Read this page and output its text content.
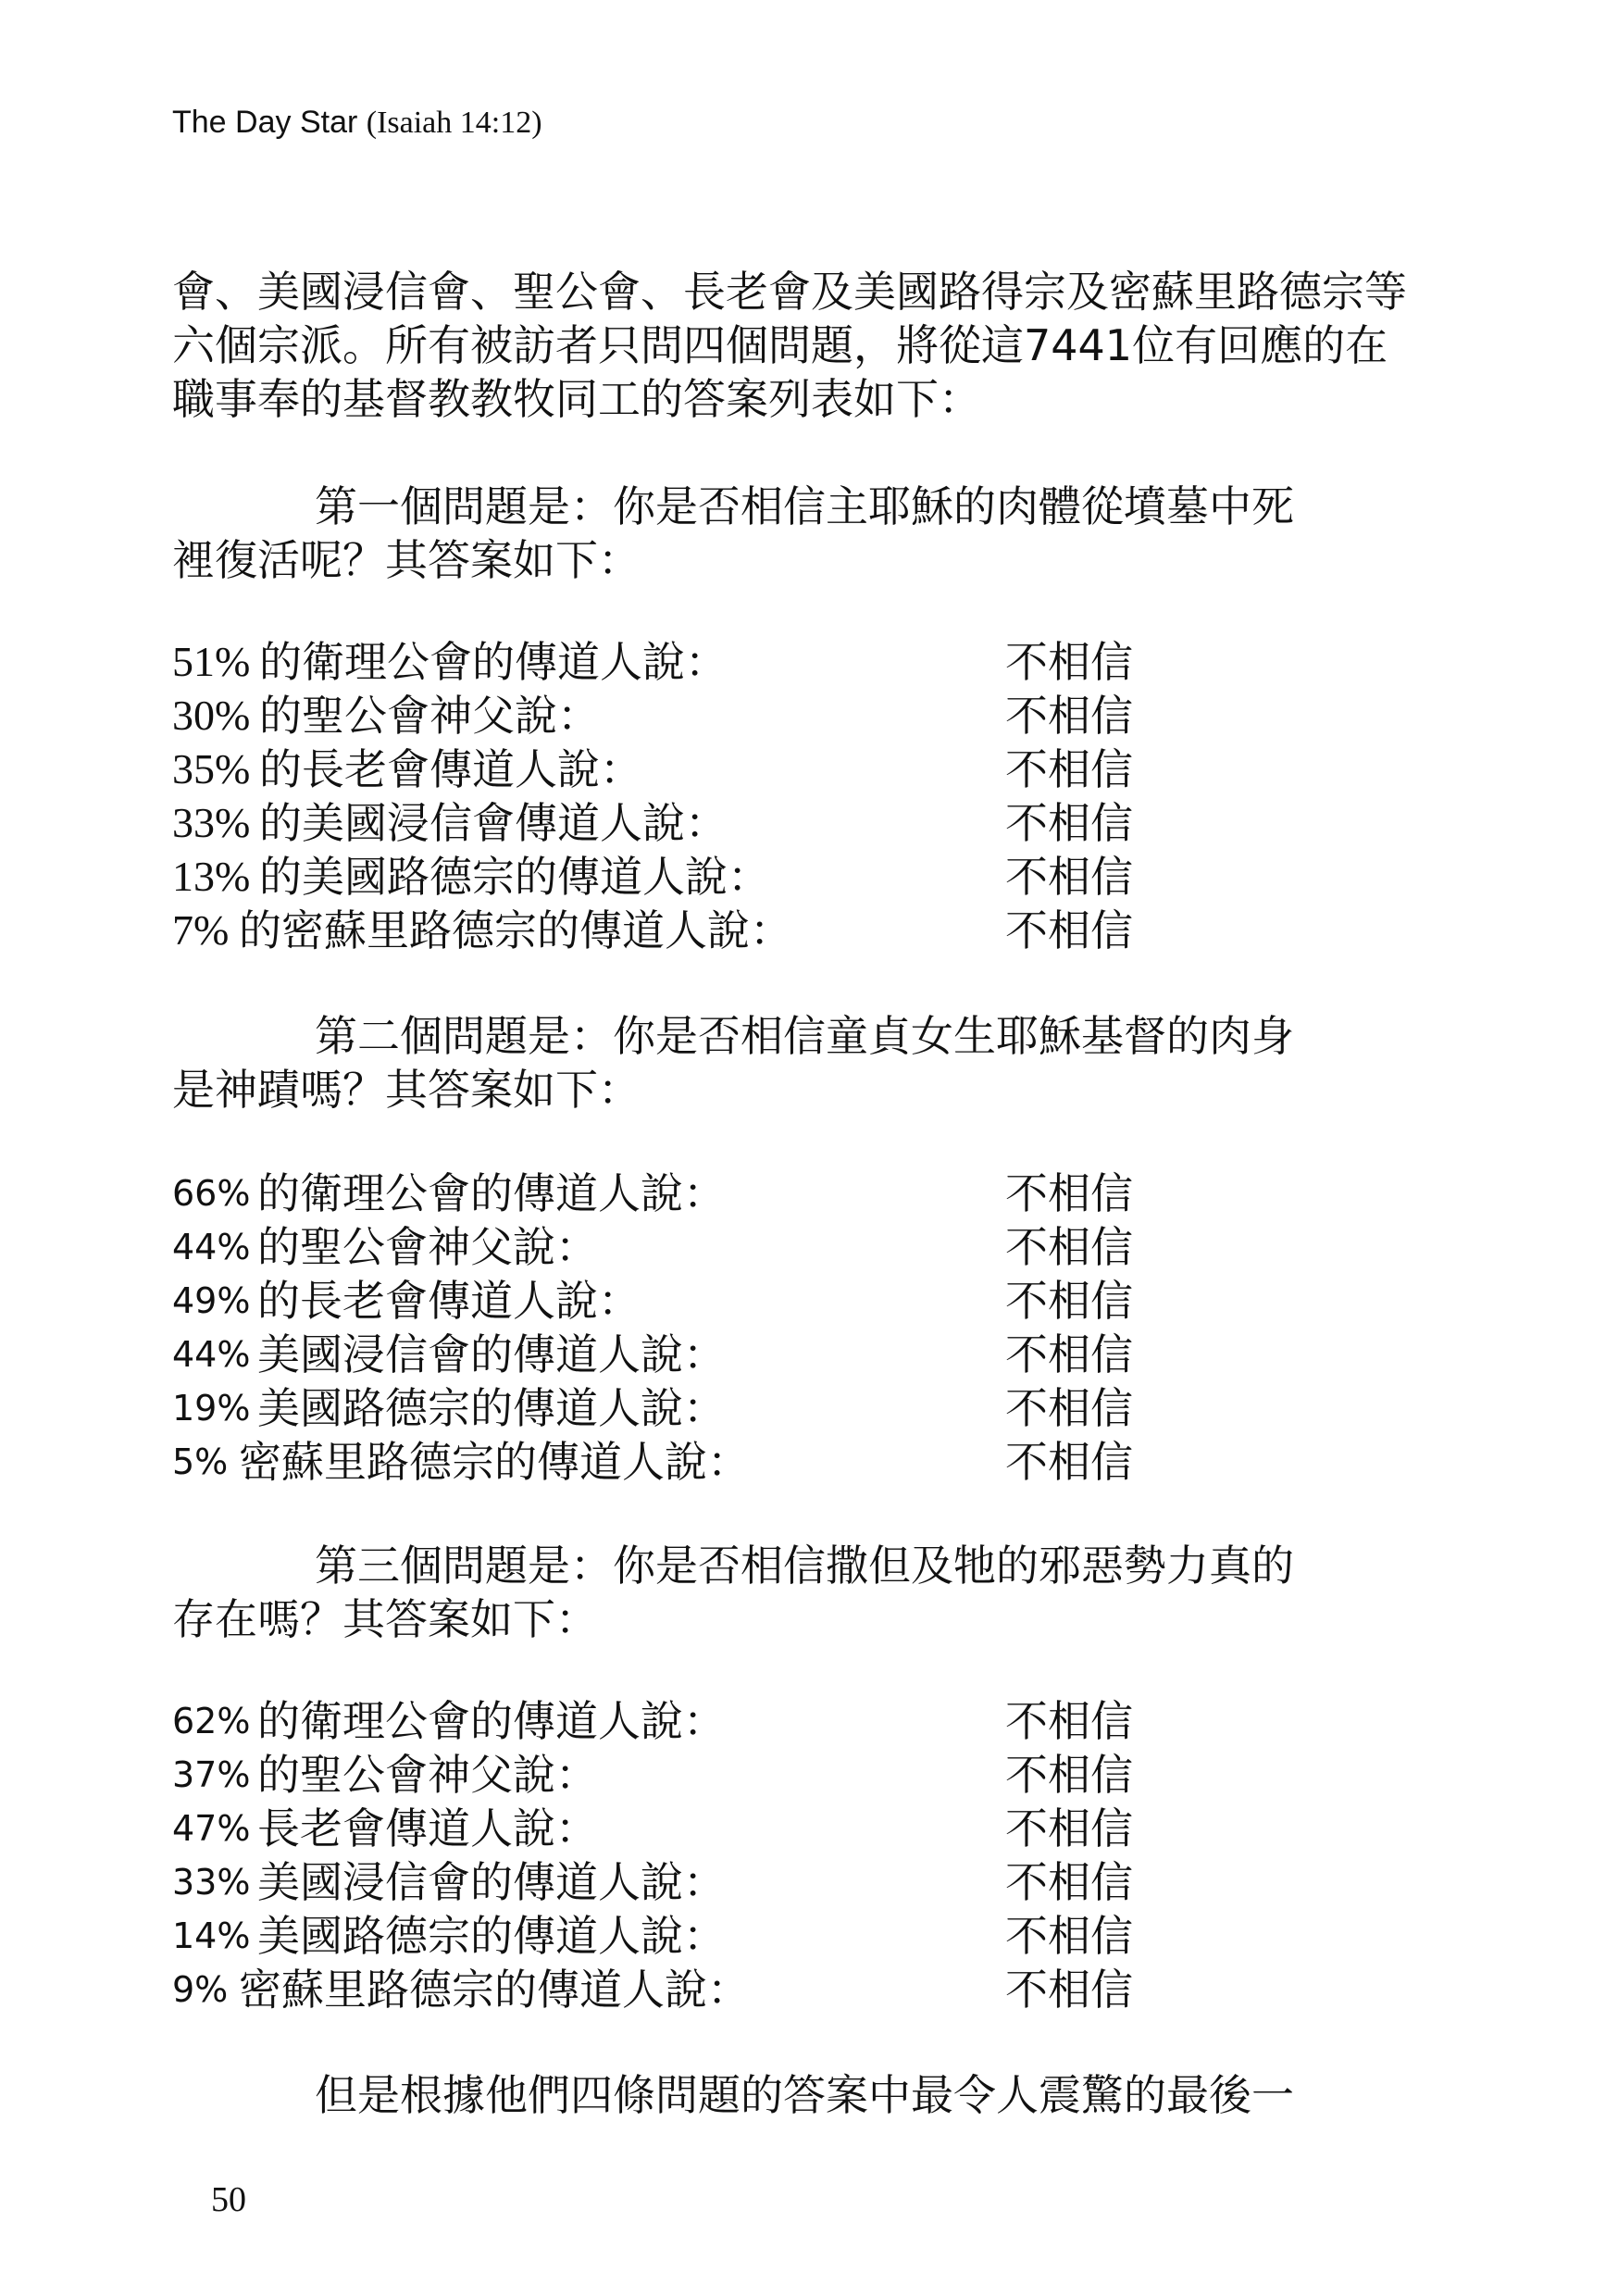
The Day Star (Isaiah 14:12)

會、美國浸信會、聖公會、長老會及美國路得宗及密蘇里路德宗等
六個宗派。所有被訪者只問四個問題，將從這7441位有回應的在
職事奉的基督教教牧同工的答案列表如下：

第一個問題是：你是否相信主耶穌的肉體從墳墓中死
裡復活呢？其答案如下：

51% 的衛理公會的傳道人說：	不相信
30% 的聖公會神父說：	不相信
35% 的長老會傳道人說：	不相信
33% 的美國浸信會傳道人說：	不相信
13% 的美國路德宗的傳道人說：	不相信
7% 的密蘇里路德宗的傳道人說：	不相信

第二個問題是：你是否相信童貞女生耶穌基督的肉身
是神蹟嗎？其答案如下：

66% 的衛理公會的傳道人說：	不相信
44% 的聖公會神父說：	不相信
49% 的長老會傳道人說：	不相信
44% 美國浸信會的傳道人說：	不相信
19% 美國路德宗的傳道人說：	不相信
5% 密蘇里路德宗的傳道人說：	不相信

第三個問題是：你是否相信撒但及牠的邪惡勢力真的
存在嗎？其答案如下：

62% 的衛理公會的傳道人說：	不相信
37% 的聖公會神父說：	不相信
47% 長老會傳道人說：	不相信
33% 美國浸信會的傳道人說：	不相信
14% 美國路德宗的傳道人說：	不相信
9% 密蘇里路德宗的傳道人說：	不相信

但是根據他們四條問題的答案中最令人震驚的最後一

50
